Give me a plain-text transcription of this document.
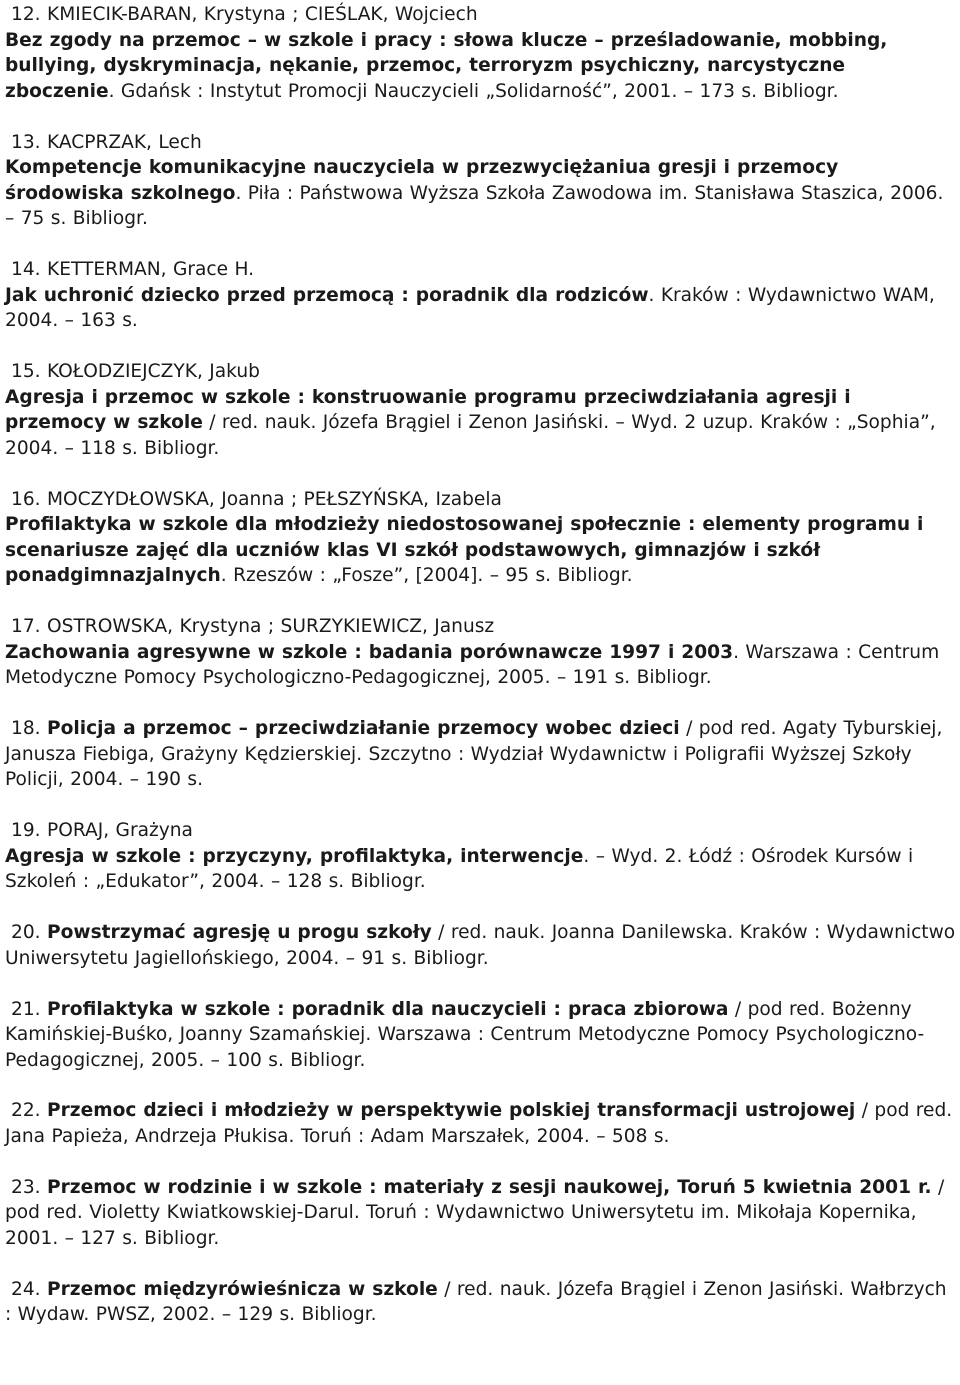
12. KMIECIK-BARAN, Krystyna ; CIEŚLAK, Wojciech
Bez zgody na przemoc – w szkole i pracy : słowa klucze – prześladowanie, mobbing, bullying, dyskryminacja, nękanie, przemoc, terroryzm psychiczny, narcystyczne zboczenie. Gdańsk : Instytut Promocji Nauczycieli „Solidarność”, 2001. – 173 s. Bibliogr.
13. KACPRZAK, Lech
Kompetencje komunikacyjne nauczyciela w przezwyciężaniua gresji i przemocy środowiska szkolnego. Piła : Państwowa Wyższa Szkoła Zawodowa im. Stanisława Staszica, 2006. – 75 s. Bibliogr.
14. KETTERMAN, Grace H.
Jak uchronić dziecko przed przemocą : poradnik dla rodziców. Kraków : Wydawnictwo WAM, 2004. – 163 s.
15. KOŁODZIEJCZYK, Jakub
Agresja i przemoc w szkole : konstruowanie programu przeciwdziałania agresji i przemocy w szkole / red. nauk. Józefa Brągiel i Zenon Jasiński. – Wyd. 2 uzup. Kraków : „Sophia”, 2004. – 118 s. Bibliogr.
16. MOCZYDŁOWSKA, Joanna ; PEŁSZYŃSKA, Izabela
Profilaktyka w szkole dla młodzieży niedostosowanej społecznie : elementy programu i scenariusze zajęć dla uczniów klas VI szkół podstawowych, gimnazjów i szkół ponadgimnazjalnych. Rzeszów : „Fosze”, [2004]. – 95 s. Bibliogr.
17. OSTROWSKA, Krystyna ; SURZYKIEWICZ, Janusz
Zachowania agresywne w szkole : badania porównawcze 1997 i 2003. Warszawa : Centrum Metodyczne Pomocy Psychologiczno-Pedagogicznej, 2005. – 191 s. Bibliogr.
18. Policja a przemoc – przeciwdziałanie przemocy wobec dzieci / pod red. Agaty Tyburskiej, Janusza Fiebiga, Grażyny Kędzierskiej. Szczytno : Wydział Wydawnictw i Poligrafii Wyższej Szkoły Policji, 2004. – 190 s.
19. PORAJ, Grażyna
Agresja w szkole : przyczyny, profilaktyka, interwencje. – Wyd. 2. Łódź : Ośrodek Kursów i Szkoleń : „Edukator”, 2004. – 128 s. Bibliogr.
20. Powstrzymać agresję u progu szkoły / red. nauk. Joanna Danilewska. Kraków : Wydawnictwo Uniwersytetu Jagiellońskiego, 2004. – 91 s. Bibliogr.
21. Profilaktyka w szkole : poradnik dla nauczycieli : praca zbiorowa / pod red. Bożenny Kamińskiej-Buśko, Joanny Szamańskiej. Warszawa : Centrum Metodyczne Pomocy Psychologiczno-Pedagogicznej, 2005. – 100 s. Bibliogr.
22. Przemoc dzieci i młodzieży w perspektywie polskiej transformacji ustrojowej / pod red. Jana Papieża, Andrzeja Płukisa. Toruń : Adam Marszałek, 2004. – 508 s.
23. Przemoc w rodzinie i w szkole : materiały z sesji naukowej, Toruń 5 kwietnia 2001 r. / pod red. Violetty Kwiatkowskiej-Darul. Toruń : Wydawnictwo Uniwersytetu im. Mikołaja Kopernika, 2001. – 127 s. Bibliogr.
24. Przemoc międzyrówieśnicza w szkole / red. nauk. Józefa Brągiel i Zenon Jasiński. Wałbrzych : Wydaw. PWSZ, 2002. – 129 s. Bibliogr.
